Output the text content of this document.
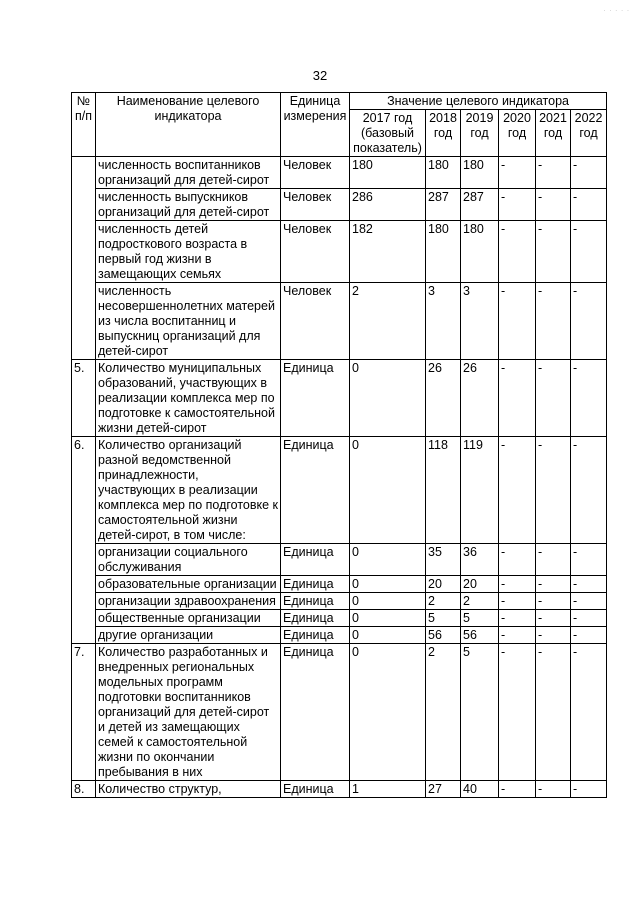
. . . . .
32
№
п/п	Наименование целевого индикатора	Единица измерения	Значение целевого индикатора					
			2017 год (базовый показатель)	2018 год	2019 год	2020 год	2021 год	2022 год
	численность воспитанников организаций для детей-сирот	Человек	180	180	180	-	-	-
	численность выпускников организаций для детей-сирот	Человек	286	287	287	-	-	-
	численность детей подросткового возраста в первый год жизни в замещающих семьях	Человек	182	180	180	-	-	-
	численность несовершеннолетних матерей из числа воспитанниц и выпускниц организаций для детей-сирот	Человек	2	3	3	-	-	-
5.	Количество муниципальных образований, участвующих в реализации комплекса мер по подготовке к самостоятельной жизни детей-сирот	Единица	0	26	26	-	-	-
6.	Количество организаций разной ведомственной принадлежности, участвующих в реализации комплекса мер по подготовке к самостоятельной жизни детей-сирот, в том числе:	Единица	0	118	119	-	-	-
	организации социального обслуживания	Единица	0	35	36	-	-	-
	образовательные организации	Единица	0	20	20	-	-	-
	организации здравоохранения	Единица	0	2	2	-	-	-
	общественные организации	Единица	0	5	5	-	-	-
	другие организации	Единица	0	56	56	-	-	-
7.	Количество разработанных и внедренных региональных модельных программ подготовки воспитанников организаций для детей-сирот и детей из замещающих семей к самостоятельной жизни по окончании пребывания в них	Единица	0	2	5	-	-	-
8.	Количество структур,	Единица	1	27	40	-	-	-
